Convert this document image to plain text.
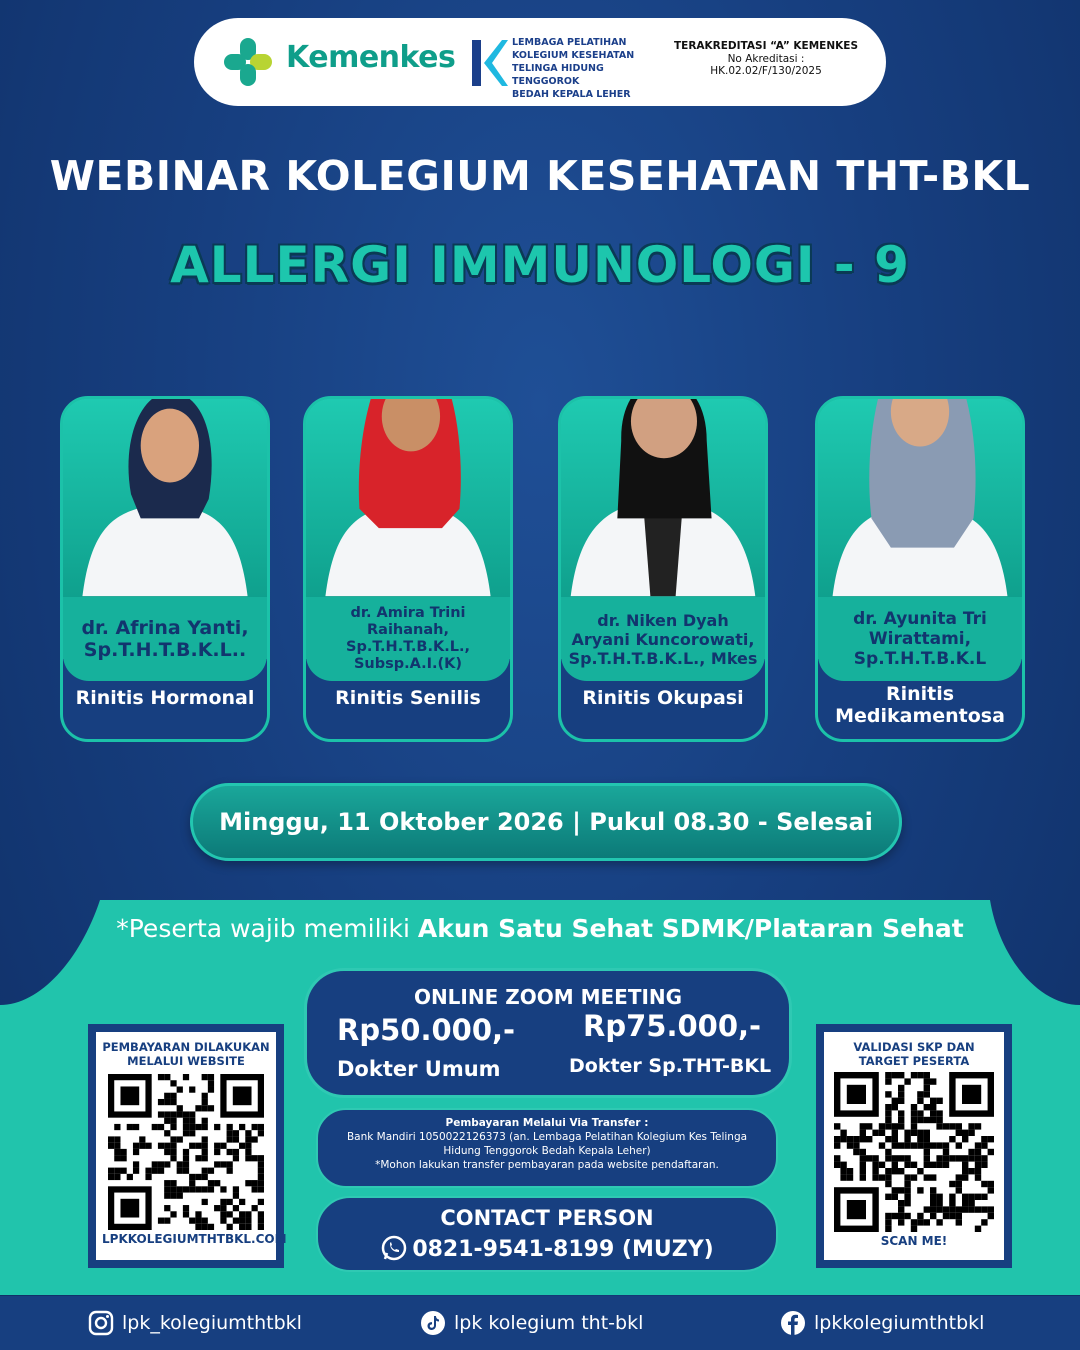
Kemenkes	LEMBAGA PELATIHAN
KOLEGIUM KESEHATAN
TELINGA HIDUNG TENGGOROK
BEDAH KEPALA LEHER
TERAKREDITASI “A” KEMENKES
No Akreditasi :
HK.02.02/F/130/2025
WEBINAR KOLEGIUM KESEHATAN THT-BKL
ALLERGI IMMUNOLOGI - 9
dr. Afrina Yanti, Sp.T.H.T.B.K.L..
Rinitis Hormonal
dr. Amira Trini Raihanah, Sp.T.H.T.B.K.L., Subsp.A.I.(K)
Rinitis Senilis
dr. Niken Dyah Aryani Kuncorowati, Sp.T.H.T.B.K.L., Mkes
Rinitis Okupasi
dr. Ayunita Tri Wirattami, Sp.T.H.T.B.K.L
Rinitis Medikamentosa
Minggu, 11 Oktober 2026 | Pukul 08.30 - Selesai
*Peserta wajib memiliki Akun Satu Sehat SDMK/Plataran Sehat
PEMBAYARAN DILAKUKAN MELALUI WEBSITE
LPKKOLEGIUMTHTBKL.COM
VALIDASI SKP DAN TARGET PESERTA
SCAN ME!
ONLINE ZOOM MEETING
Rp50.000,-
Dokter Umum
Rp75.000,-
Dokter Sp.THT-BKL
Pembayaran Melalui Via Transfer :
Bank Mandiri 1050022126373 (an. Lembaga Pelatihan Kolegium Kes Telinga Hidung Tenggorok Bedah Kepala Leher)
*Mohon lakukan transfer pembayaran pada website pendaftaran.
CONTACT PERSON
0821-9541-8199 (MUZY)
lpk_kolegiumthtbkl	lpk kolegium tht-bkl	lpkkolegiumthtbkl
